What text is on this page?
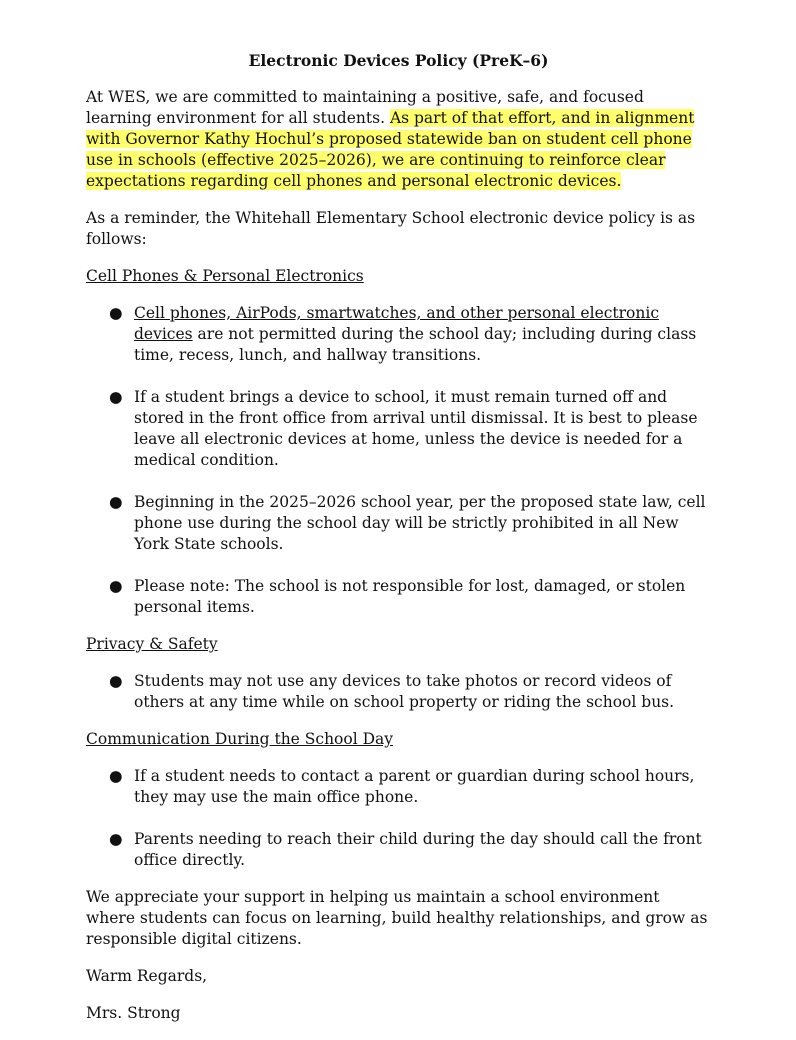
Electronic Devices Policy (PreK–6)

At WES, we are committed to maintaining a positive, safe, and focused learning environment for all students. As part of that effort, and in alignment with Governor Kathy Hochul’s proposed statewide ban on student cell phone use in schools (effective 2025–2026), we are continuing to reinforce clear expectations regarding cell phones and personal electronic devices.

As a reminder, the Whitehall Elementary School electronic device policy is as follows:

Cell Phones & Personal Electronics
● Cell phones, AirPods, smartwatches, and other personal electronic devices are not permitted during the school day; including during class time, recess, lunch, and hallway transitions.
● If a student brings a device to school, it must remain turned off and stored in the front office from arrival until dismissal. It is best to please leave all electronic devices at home, unless the device is needed for a medical condition.
● Beginning in the 2025–2026 school year, per the proposed state law, cell phone use during the school day will be strictly prohibited in all New York State schools.
● Please note: The school is not responsible for lost, damaged, or stolen personal items.
Privacy & Safety
● Students may not use any devices to take photos or record videos of others at any time while on school property or riding the school bus.
Communication During the School Day
● If a student needs to contact a parent or guardian during school hours, they may use the main office phone.
● Parents needing to reach their child during the day should call the front office directly.

We appreciate your support in helping us maintain a school environment where students can focus on learning, build healthy relationships, and grow as responsible digital citizens.

Warm Regards,

Mrs. Strong
